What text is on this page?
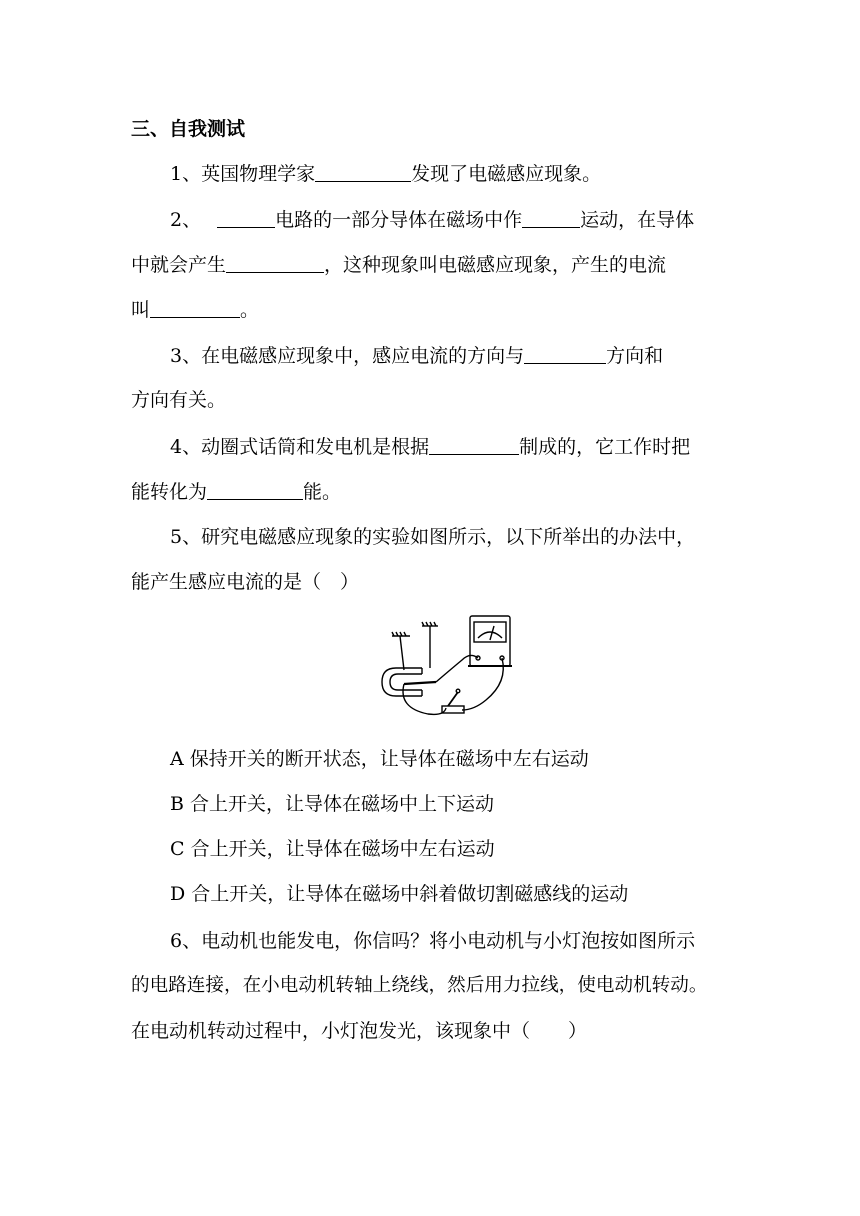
三、自我测试
1、英国物理学家	发现了电磁感应现象。
2、	电路的一部分导体在磁场中作	运动，在导体
中就会产生	，这种现象叫电磁感应现象，产生的电流
叫	。
3、在电磁感应现象中，感应电流的方向与	方向和
方向有关。
4、动圈式话筒和发电机是根据	制成的，它工作时把
能转化为	能。
5、研究电磁感应现象的实验如图所示，以下所举出的办法中，
能产生感应电流的是（　）
A 保持开关的断开状态，让导体在磁场中左右运动
B 合上开关，让导体在磁场中上下运动
C 合上开关，让导体在磁场中左右运动
D 合上开关，让导体在磁场中斜着做切割磁感线的运动
6、电动机也能发电，你信吗？将小电动机与小灯泡按如图所示
的电路连接，在小电动机转轴上绕线，然后用力拉线，使电动机转动。
在电动机转动过程中，小灯泡发光，该现象中（　　）
